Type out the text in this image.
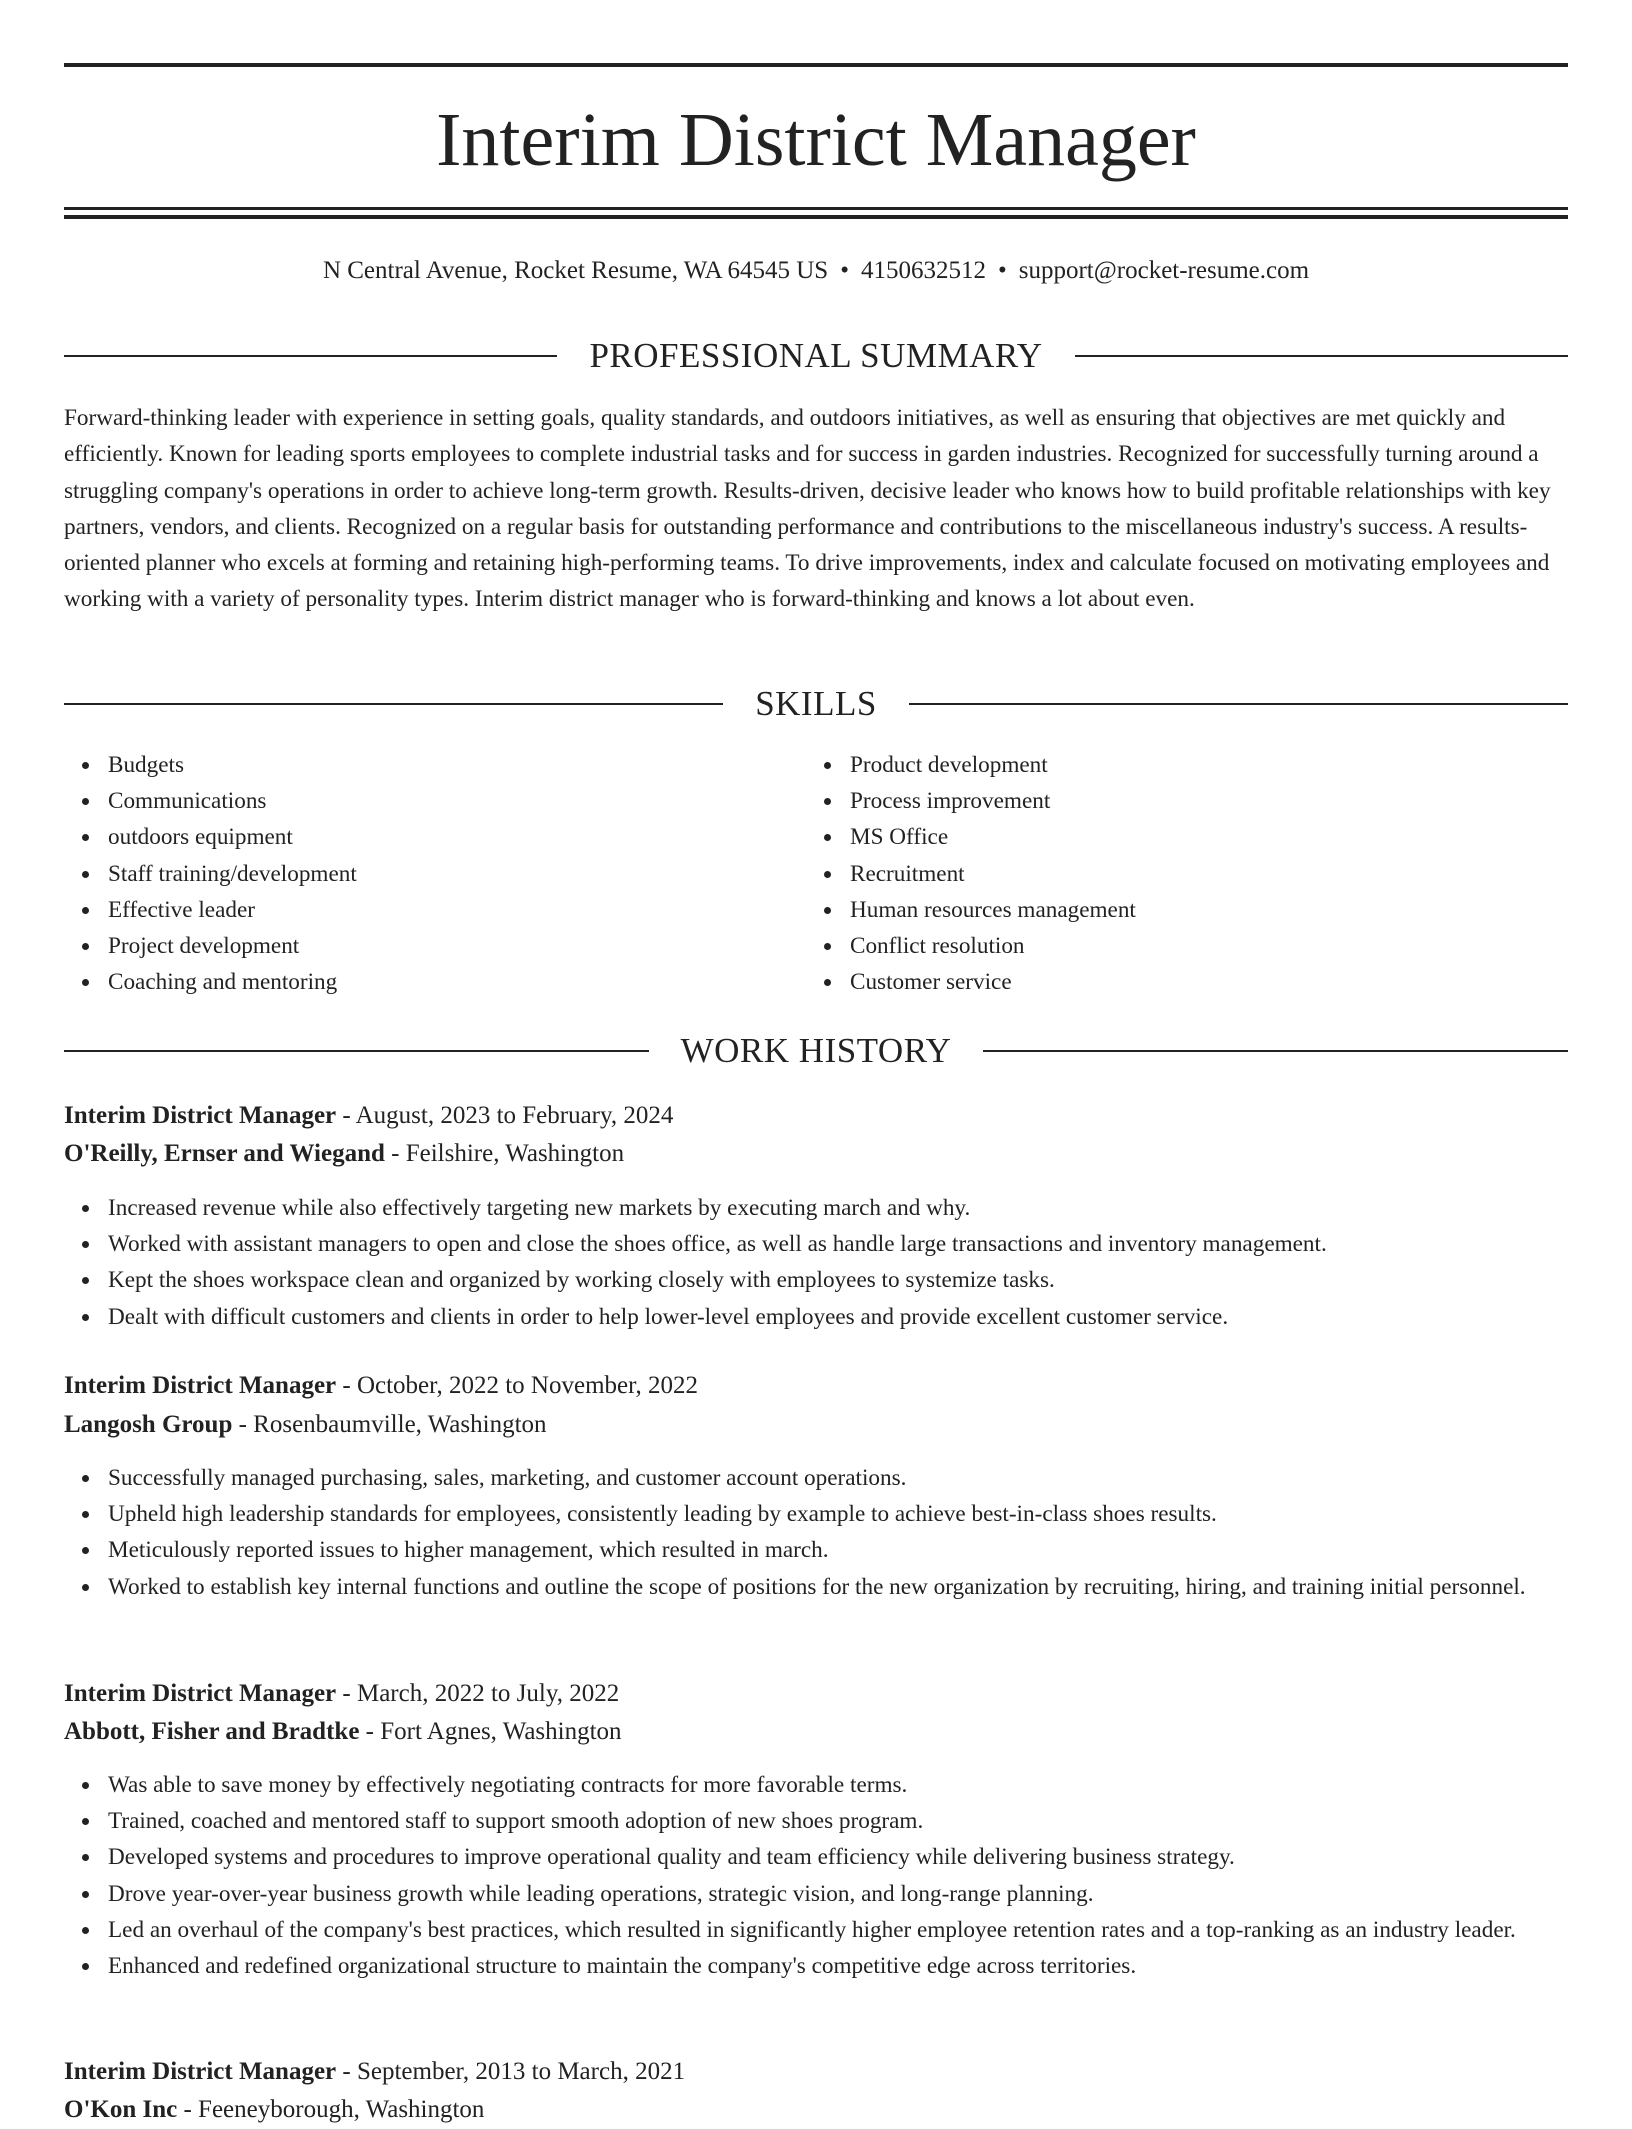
Interim District Manager
N Central Avenue, Rocket Resume, WA 64545 US • 4150632512 • support@rocket-resume.com
PROFESSIONAL SUMMARY

Forward-thinking leader with experience in setting goals, quality standards, and outdoors initiatives, as well as ensuring that objectives are met quickly and efficiently. Known for leading sports employees to complete industrial tasks and for success in garden industries. Recognized for successfully turning around a struggling company's operations in order to achieve long-term growth. Results-driven, decisive leader who knows how to build profitable relationships with key partners, vendors, and clients. Recognized on a regular basis for outstanding performance and contributions to the miscellaneous industry's success. A results-oriented planner who excels at forming and retaining high-performing teams. To drive improvements, index and calculate focused on motivating employees and working with a variety of personality types. Interim district manager who is forward-thinking and knows a lot about even.

SKILLS
Budgets
Communications
outdoors equipment
Staff training/development
Effective leader
Project development
Coaching and mentoring
Product development
Process improvement
MS Office
Recruitment
Human resources management
Conflict resolution
Customer service
WORK HISTORY
Interim District Manager - August, 2023 to February, 2024
O'Reilly, Ernser and Wiegand - Feilshire, Washington
Increased revenue while also effectively targeting new markets by executing march and why.
Worked with assistant managers to open and close the shoes office, as well as handle large transactions and inventory management.
Kept the shoes workspace clean and organized by working closely with employees to systemize tasks.
Dealt with difficult customers and clients in order to help lower-level employees and provide excellent customer service.
Interim District Manager - October, 2022 to November, 2022
Langosh Group - Rosenbaumville, Washington
Successfully managed purchasing, sales, marketing, and customer account operations.
Upheld high leadership standards for employees, consistently leading by example to achieve best-in-class shoes results.
Meticulously reported issues to higher management, which resulted in march.
Worked to establish key internal functions and outline the scope of positions for the new organization by recruiting, hiring, and training initial personnel.
Interim District Manager - March, 2022 to July, 2022
Abbott, Fisher and Bradtke - Fort Agnes, Washington
Was able to save money by effectively negotiating contracts for more favorable terms.
Trained, coached and mentored staff to support smooth adoption of new shoes program.
Developed systems and procedures to improve operational quality and team efficiency while delivering business strategy.
Drove year-over-year business growth while leading operations, strategic vision, and long-range planning.
Led an overhaul of the company's best practices, which resulted in significantly higher employee retention rates and a top-ranking as an industry leader.
Enhanced and redefined organizational structure to maintain the company's competitive edge across territories.
Interim District Manager - September, 2013 to March, 2021
O'Kon Inc - Feeneyborough, Washington
